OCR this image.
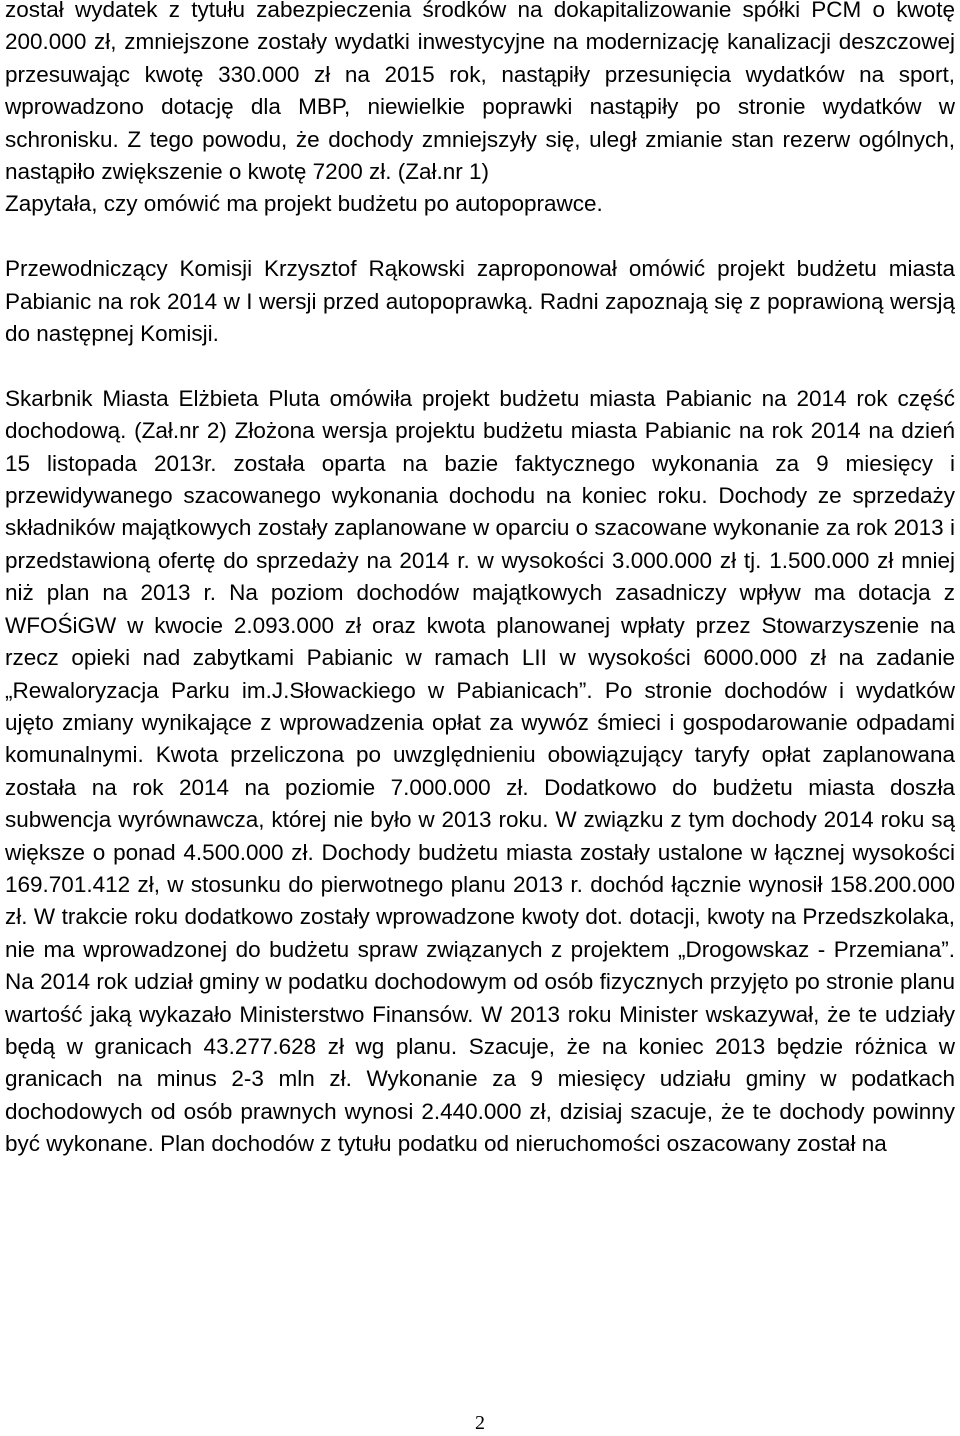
został wydatek z tytułu zabezpieczenia środków na dokapitalizowanie spółki PCM o kwotę 200.000 zł, zmniejszone zostały wydatki inwestycyjne na modernizację kanalizacji deszczowej przesuwając kwotę 330.000 zł na 2015 rok, nastąpiły przesunięcia wydatków na sport, wprowadzono dotację dla MBP, niewielkie poprawki nastąpiły po stronie wydatków w schronisku. Z tego powodu, że dochody zmniejszyły się, uległ zmianie stan rezerw ogólnych, nastąpiło zwiększenie o kwotę 7200 zł. (Zał.nr 1)

Zapytała, czy omówić ma projekt budżetu po autopoprawce.

Przewodniczący Komisji Krzysztof Rąkowski zaproponował omówić projekt budżetu miasta Pabianic na rok 2014 w I wersji przed autopoprawką. Radni zapoznają się z poprawioną wersją do następnej Komisji.

Skarbnik Miasta Elżbieta Pluta omówiła projekt budżetu miasta Pabianic na 2014 rok część dochodową. (Zał.nr 2) Złożona wersja projektu budżetu miasta Pabianic na rok 2014 na dzień 15 listopada 2013r. została oparta na bazie faktycznego wykonania za 9 miesięcy i przewidywanego szacowanego wykonania dochodu na koniec roku. Dochody ze sprzedaży składników majątkowych zostały zaplanowane w oparciu o szacowane wykonanie za rok 2013 i przedstawioną ofertę do sprzedaży na 2014 r. w wysokości 3.000.000 zł tj. 1.500.000 zł mniej niż plan na 2013 r. Na poziom dochodów majątkowych zasadniczy wpływ ma dotacja z WFOŚiGW w kwocie 2.093.000 zł oraz kwota planowanej wpłaty przez Stowarzyszenie na rzecz opieki nad zabytkami Pabianic w ramach LII w wysokości 6000.000 zł na zadanie „Rewaloryzacja Parku im.J.Słowackiego w Pabianicach”. Po stronie dochodów i wydatków ujęto zmiany wynikające z wprowadzenia opłat za wywóz śmieci i gospodarowanie odpadami komunalnymi. Kwota przeliczona po uwzględnieniu obowiązujący taryfy opłat zaplanowana została na rok 2014 na poziomie 7.000.000 zł. Dodatkowo do budżetu miasta doszła subwencja wyrównawcza, której nie było w 2013 roku. W związku z tym dochody 2014 roku są większe o ponad 4.500.000 zł. Dochody budżetu miasta zostały ustalone w łącznej wysokości 169.701.412 zł, w stosunku do pierwotnego planu 2013 r. dochód łącznie wynosił 158.200.000 zł. W trakcie roku dodatkowo zostały wprowadzone kwoty dot. dotacji, kwoty na Przedszkolaka, nie ma wprowadzonej do budżetu spraw związanych z projektem „Drogowskaz - Przemiana”. Na 2014 rok udział gminy w podatku dochodowym od osób fizycznych przyjęto po stronie planu wartość jaką wykazało Ministerstwo Finansów. W 2013 roku Minister wskazywał, że te udziały będą w granicach 43.277.628 zł wg planu. Szacuje, że na koniec 2013 będzie różnica w granicach na minus 2-3 mln zł. Wykonanie za 9 miesięcy udziału gminy w podatkach dochodowych od osób prawnych wynosi 2.440.000 zł, dzisiaj szacuje, że te dochody powinny być wykonane. Plan dochodów z tytułu podatku od nieruchomości oszacowany został na

2
